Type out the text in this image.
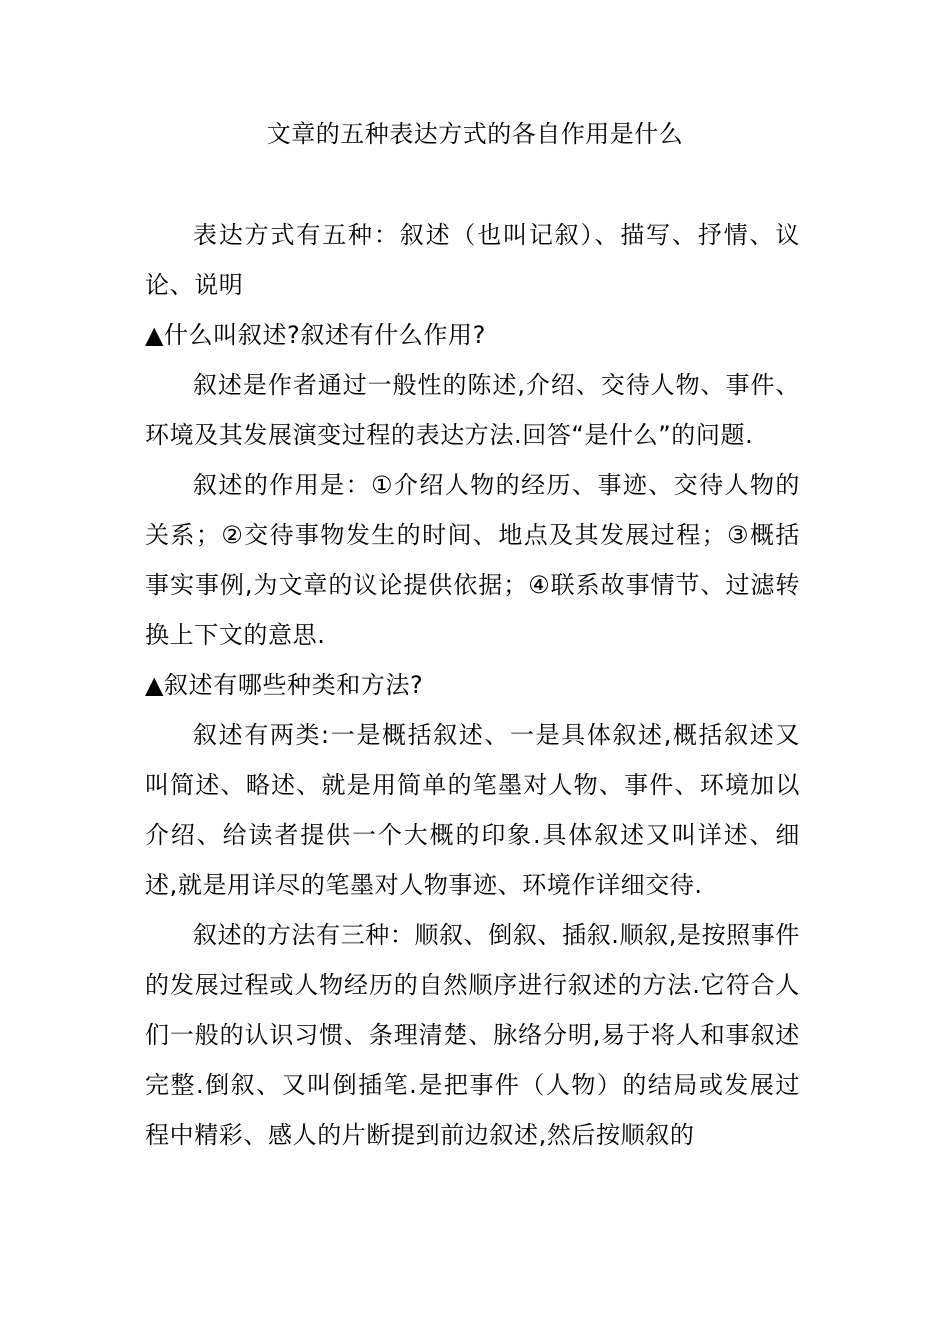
文章的五种表达方式的各自作用是什么

表达方式有五种：叙述（也叫记叙）、描写、抒情、议论、说明

▲什么叫叙述?叙述有什么作用?

叙述是作者通过一般性的陈述,介绍、交待人物、事件、环境及其发展演变过程的表达方法.回答“是什么”的问题.

叙述的作用是：①介绍人物的经历、事迹、交待人物的关系；②交待事物发生的时间、地点及其发展过程；③概括事实事例,为文章的议论提供依据；④联系故事情节、过滤转换上下文的意思.

▲叙述有哪些种类和方法?

叙述有两类:一是概括叙述、一是具体叙述,概括叙述又叫简述、略述、就是用简单的笔墨对人物、事件、环境加以介绍、给读者提供一个大概的印象.具体叙述又叫详述、细述,就是用详尽的笔墨对人物事迹、环境作详细交待.

叙述的方法有三种：顺叙、倒叙、插叙.顺叙,是按照事件的发展过程或人物经历的自然顺序进行叙述的方法.它符合人们一般的认识习惯、条理清楚、脉络分明,易于将人和事叙述完整.倒叙、又叫倒插笔.是把事件（人物）的结局或发展过程中精彩、感人的片断提到前边叙述,然后按顺叙的
